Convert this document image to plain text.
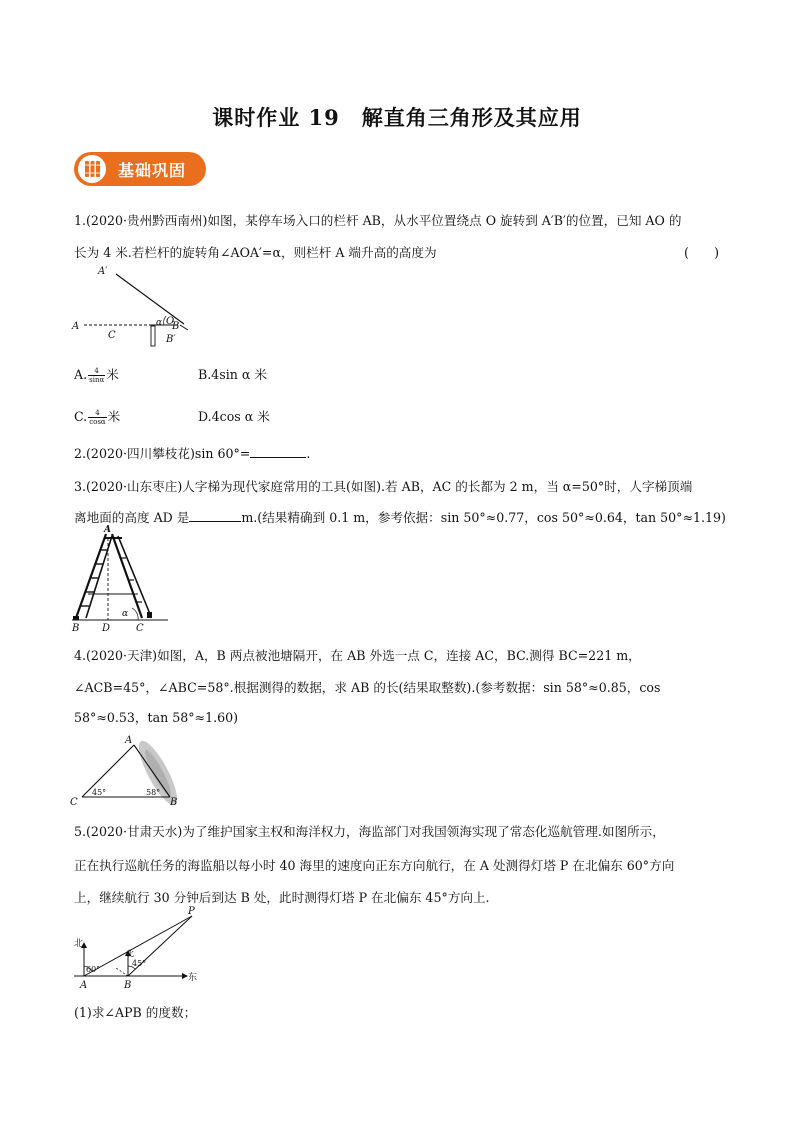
课时作业 19　解直角三角形及其应用
基础巩固
1.(2020·贵州黔西南州)如图，某停车场入口的栏杆 AB，从水平位置绕点 O 旋转到 A′B′的位置，已知 AO 的
长为 4 米.若栏杆的旋转角∠AOA′=α，则栏杆 A 端升高的高度为	(　　)
A′
A
C
α O
B
B′
A. $\frac{4}{\sin\alpha}$ 米	B.4sin α 米
C. $\frac{4}{\cos\alpha}$ 米	D.4cos α 米
2.(2020·四川攀枝花)sin 60°=	.
3.(2020·山东枣庄)人字梯为现代家庭常用的工具(如图).若 AB，AC 的长都为 2 m，当 α=50°时，人字梯顶端
离地面的高度 AD 是	m.(结果精确到 0.1 m，参考依据：sin 50°≈0.77，cos 50°≈0.64，tan 50°≈1.19)
A
B D	C
α
4.(2020·天津)如图，A，B 两点被池塘隔开，在 AB 外选一点 C，连接 AC，BC.测得 BC=221 m，
∠ACB=45°，∠ABC=58°.根据测得的数据，求 AB 的长(结果取整数).(参考数据：sin 58°≈0.85，cos
58°≈0.53，tan 58°≈1.60)
A
C	B
45°	58°
5.(2020·甘肃天水)为了维护国家主权和海洋权力，海监部门对我国领海实现了常态化巡航管理.如图所示，
正在执行巡航任务的海监船以每小时 40 海里的速度向正东方向航行，在 A 处测得灯塔 P 在北偏东 60°方向
上，继续航行 30 分钟后到达 B 处，此时测得灯塔 P 在北偏东 45°方向上.
北
北
东
P
A	B
60°
45°
(1)求∠APB 的度数；
